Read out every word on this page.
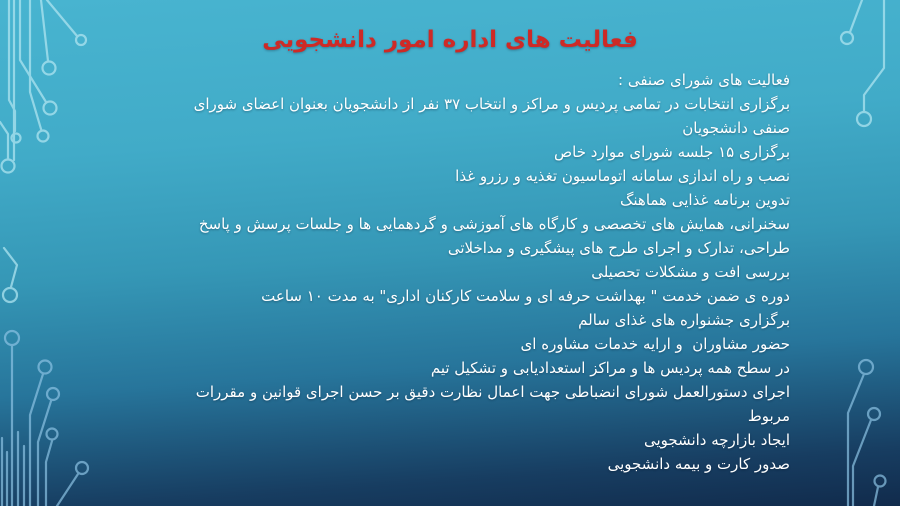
فعالیت های اداره امور دانشجویی
فعالیت های شورای صنفی :
برگزاری انتخابات در تمامی پردیس و مراکز و انتخاب ۳۷ نفر از دانشجویان بعنوان اعضای شورای
صنفی دانشجویان
برگزاری ۱۵ جلسه شورای موارد خاص
نصب و راه اندازی سامانه اتوماسیون تغذیه و رزرو غذا
تدوین برنامه غذایی هماهنگ
سخنرانی، همایش های تخصصی و کارگاه های آموزشی و گردهمایی ها و جلسات پرسش و پاسخ
طراحی، تدارک و اجرای طرح های پیشگیری و مداخلاتی
بررسی افت و مشکلات تحصیلی
دوره ی ضمن خدمت " بهداشت حرفه ای و سلامت کارکنان اداری" به مدت ۱۰ ساعت
برگزاری جشنواره های غذای سالم
حضور مشاوران  و ارایه خدمات مشاوره ای
در سطح همه پردیس ها و مراکز استعدادیابی و تشکیل تیم
اجرای دستورالعمل شورای انضباطی جهت اعمال نظارت دقیق بر حسن اجرای قوانین و مقررات
مربوط
ایجاد بازارچه دانشجویی
صدور کارت و بیمه دانشجویی
